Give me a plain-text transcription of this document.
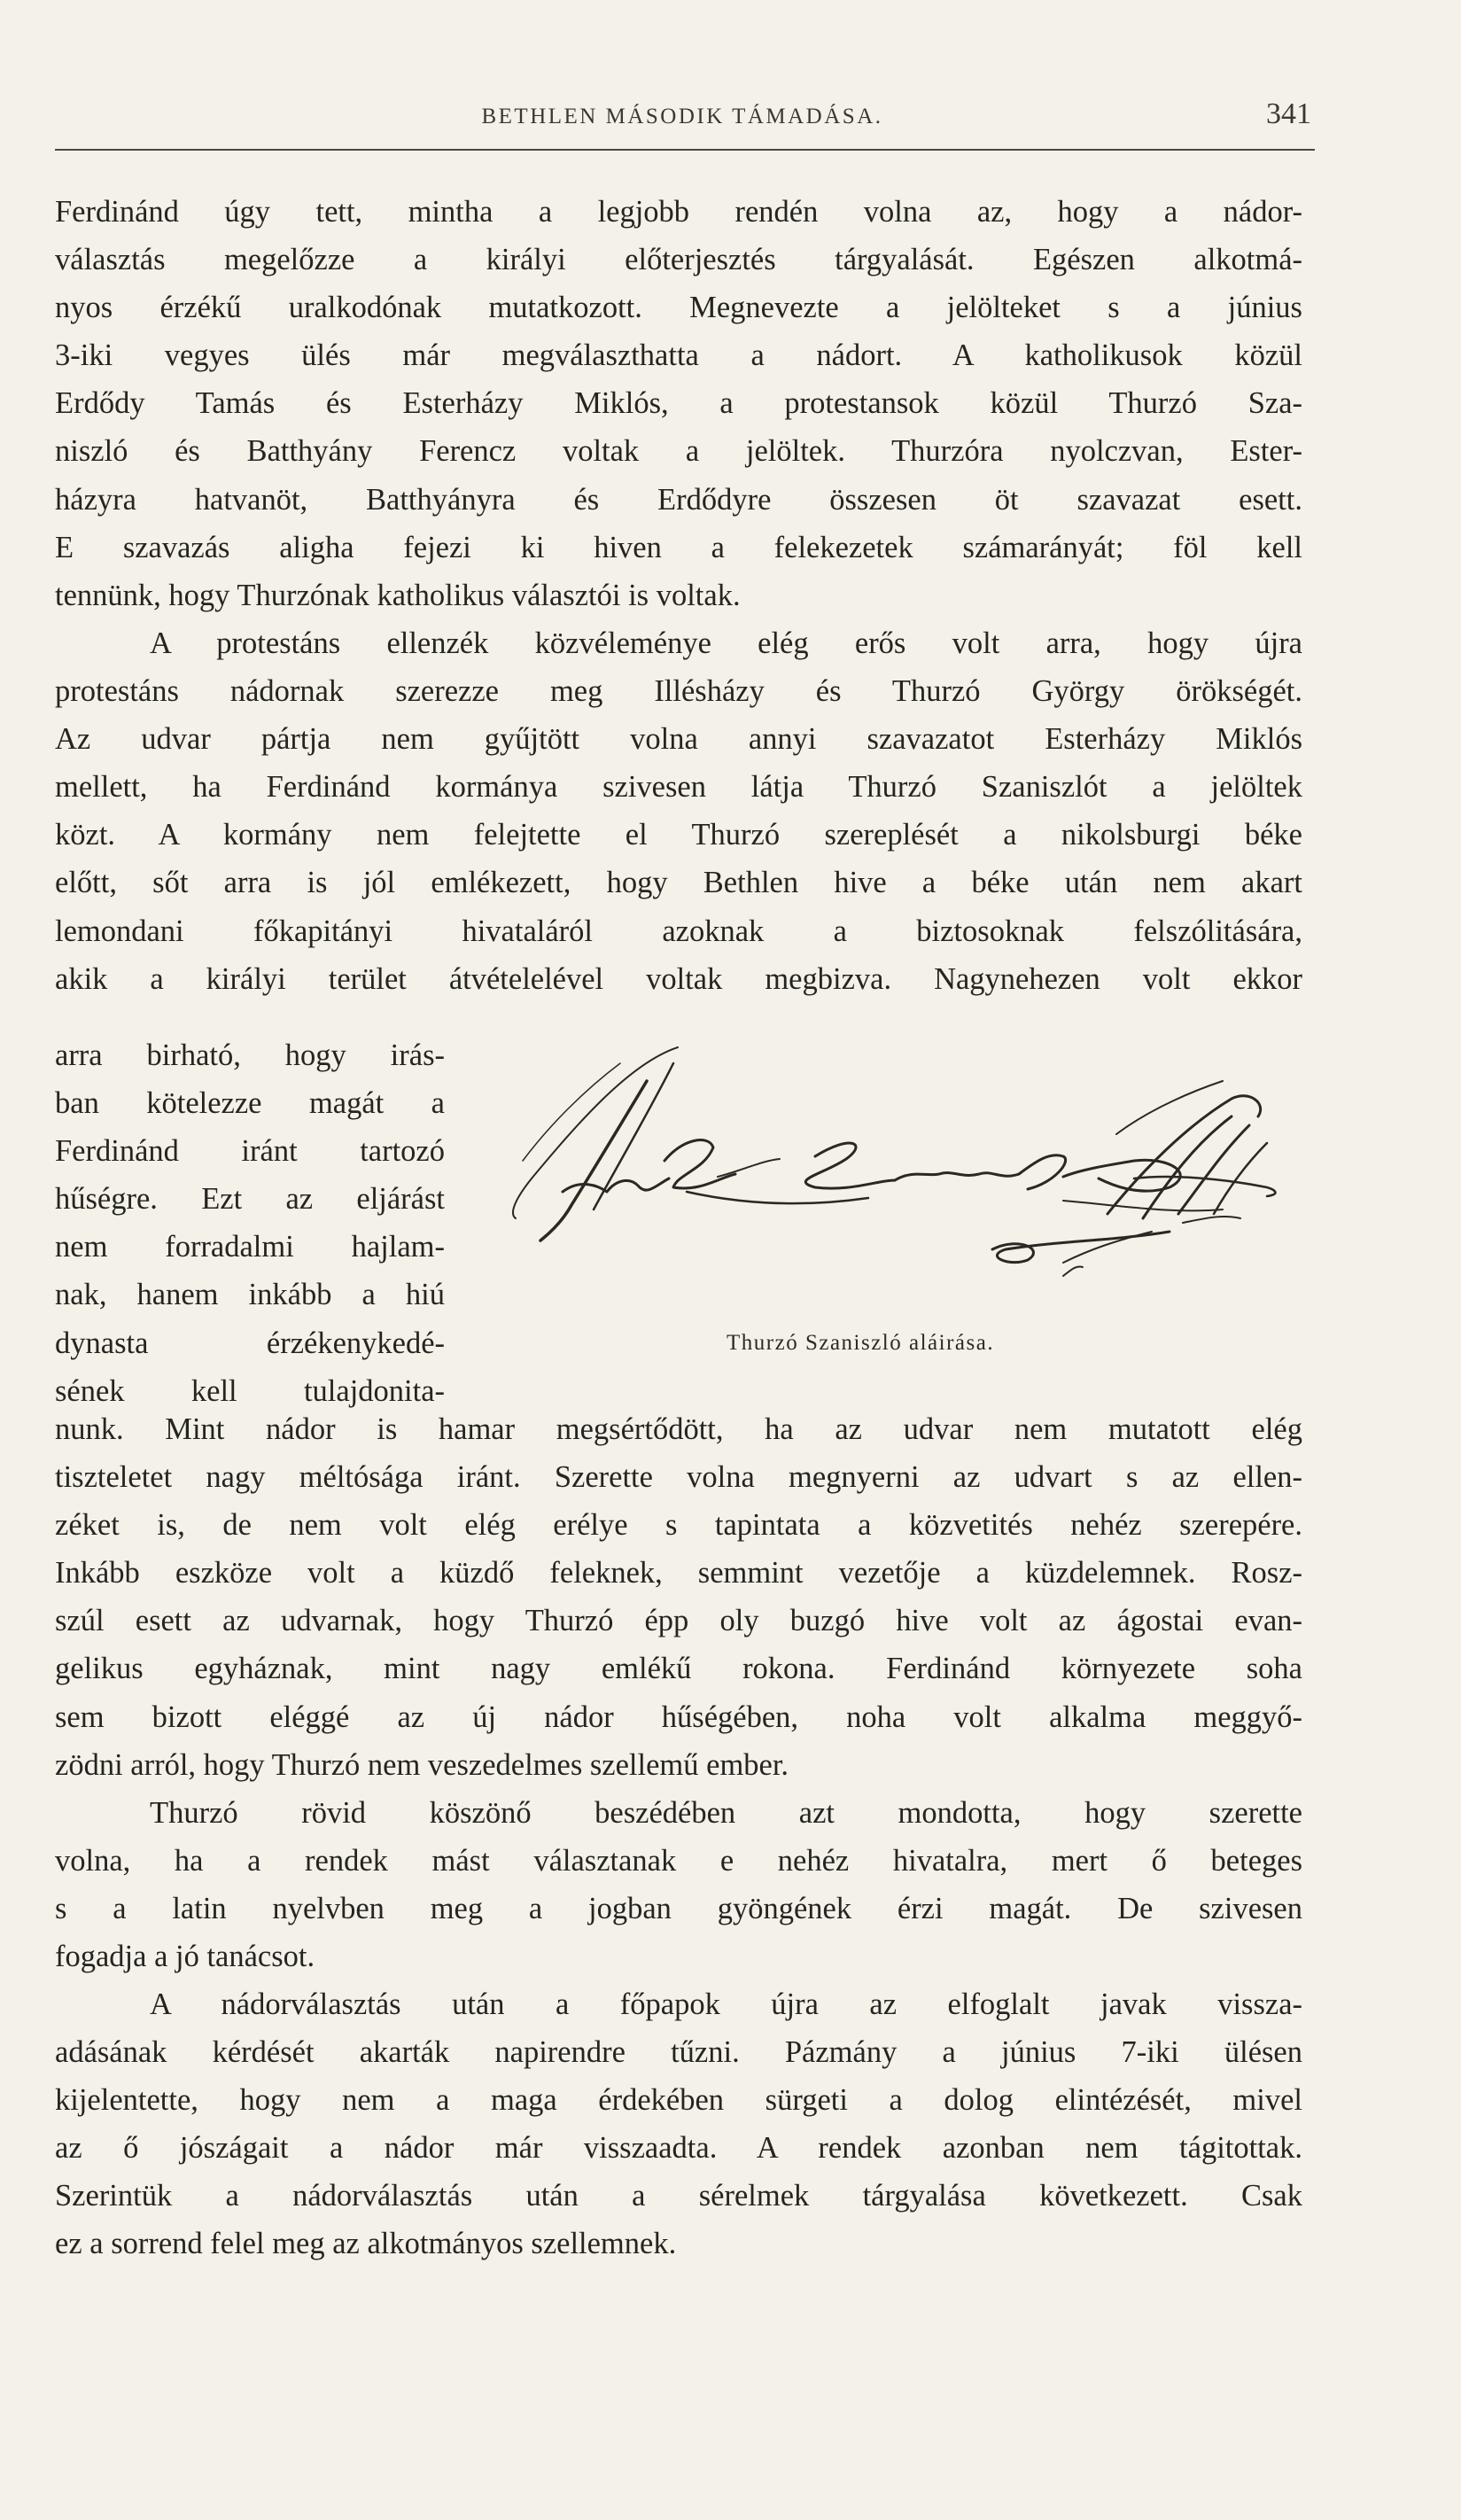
BETHLEN MÁSODIK TÁMADÁSA.	341
Ferdinánd úgy tett, mintha a legjobb rendén volna az, hogy a nádor-
választás megelőzze a királyi előterjesztés tárgyalását. Egészen alkotmá-
nyos érzékű uralkodónak mutatkozott. Megnevezte a jelölteket s a június
3-iki vegyes ülés már megválaszthatta a nádort. A katholikusok közül
Erdődy Tamás és Esterházy Miklós, a protestansok közül Thurzó Sza-
niszló és Batthyány Ferencz voltak a jelöltek. Thurzóra nyolczvan, Ester-
házyra hatvanöt, Batthyányra és Erdődyre összesen öt szavazat esett.
E szavazás aligha fejezi ki hiven a felekezetek számarányát; föl kell
tennünk, hogy Thurzónak katholikus választói is voltak.
A protestáns ellenzék közvéleménye elég erős volt arra, hogy újra
protestáns nádornak szerezze meg Illésházy és Thurzó György örökségét.
Az udvar pártja nem gyűjtött volna annyi szavazatot Esterházy Miklós
mellett, ha Ferdinánd kormánya szivesen látja Thurzó Szaniszlót a jelöltek
közt. A kormány nem felejtette el Thurzó szereplését a nikolsburgi béke
előtt, sőt arra is jól emlékezett, hogy Bethlen hive a béke után nem akart
lemondani főkapitányi hivataláról azoknak a biztosoknak felszólitására,
akik a királyi terület átvételelével voltak megbizva. Nagynehezen volt ekkor
arra birható, hogy irás-
ban kötelezze magát a
Ferdinánd iránt tartozó
hűségre. Ezt az eljárást
nem forradalmi hajlam-
nak, hanem inkább a hiú
dynasta érzékenykedé-
sének kell tulajdonita-
Thurzó Szaniszló aláirása.
nunk. Mint nádor is hamar megsértődött, ha az udvar nem mutatott elég
tiszteletet nagy méltósága iránt. Szerette volna megnyerni az udvart s az ellen-
zéket is, de nem volt elég erélye s tapintata a közvetités nehéz szerepére.
Inkább eszköze volt a küzdő feleknek, semmint vezetője a küzdelemnek. Rosz-
szúl esett az udvarnak, hogy Thurzó épp oly buzgó hive volt az ágostai evan-
gelikus egyháznak, mint nagy emlékű rokona. Ferdinánd környezete soha
sem bizott eléggé az új nádor hűségében, noha volt alkalma meggyő-
zödni arról, hogy Thurzó nem veszedelmes szellemű ember.
Thurzó rövid köszönő beszédében azt mondotta, hogy szerette
volna, ha a rendek mást választanak e nehéz hivatalra, mert ő beteges
s a latin nyelvben meg a jogban gyöngének érzi magát. De szivesen
fogadja a jó tanácsot.
A nádorválasztás után a főpapok újra az elfoglalt javak vissza-
adásának kérdését akarták napirendre tűzni. Pázmány a június 7-iki ülésen
kijelentette, hogy nem a maga érdekében sürgeti a dolog elintézését, mivel
az ő jószágait a nádor már visszaadta. A rendek azonban nem tágitottak.
Szerintük a nádorválasztás után a sérelmek tárgyalása következett. Csak
ez a sorrend felel meg az alkotmányos szellemnek.
